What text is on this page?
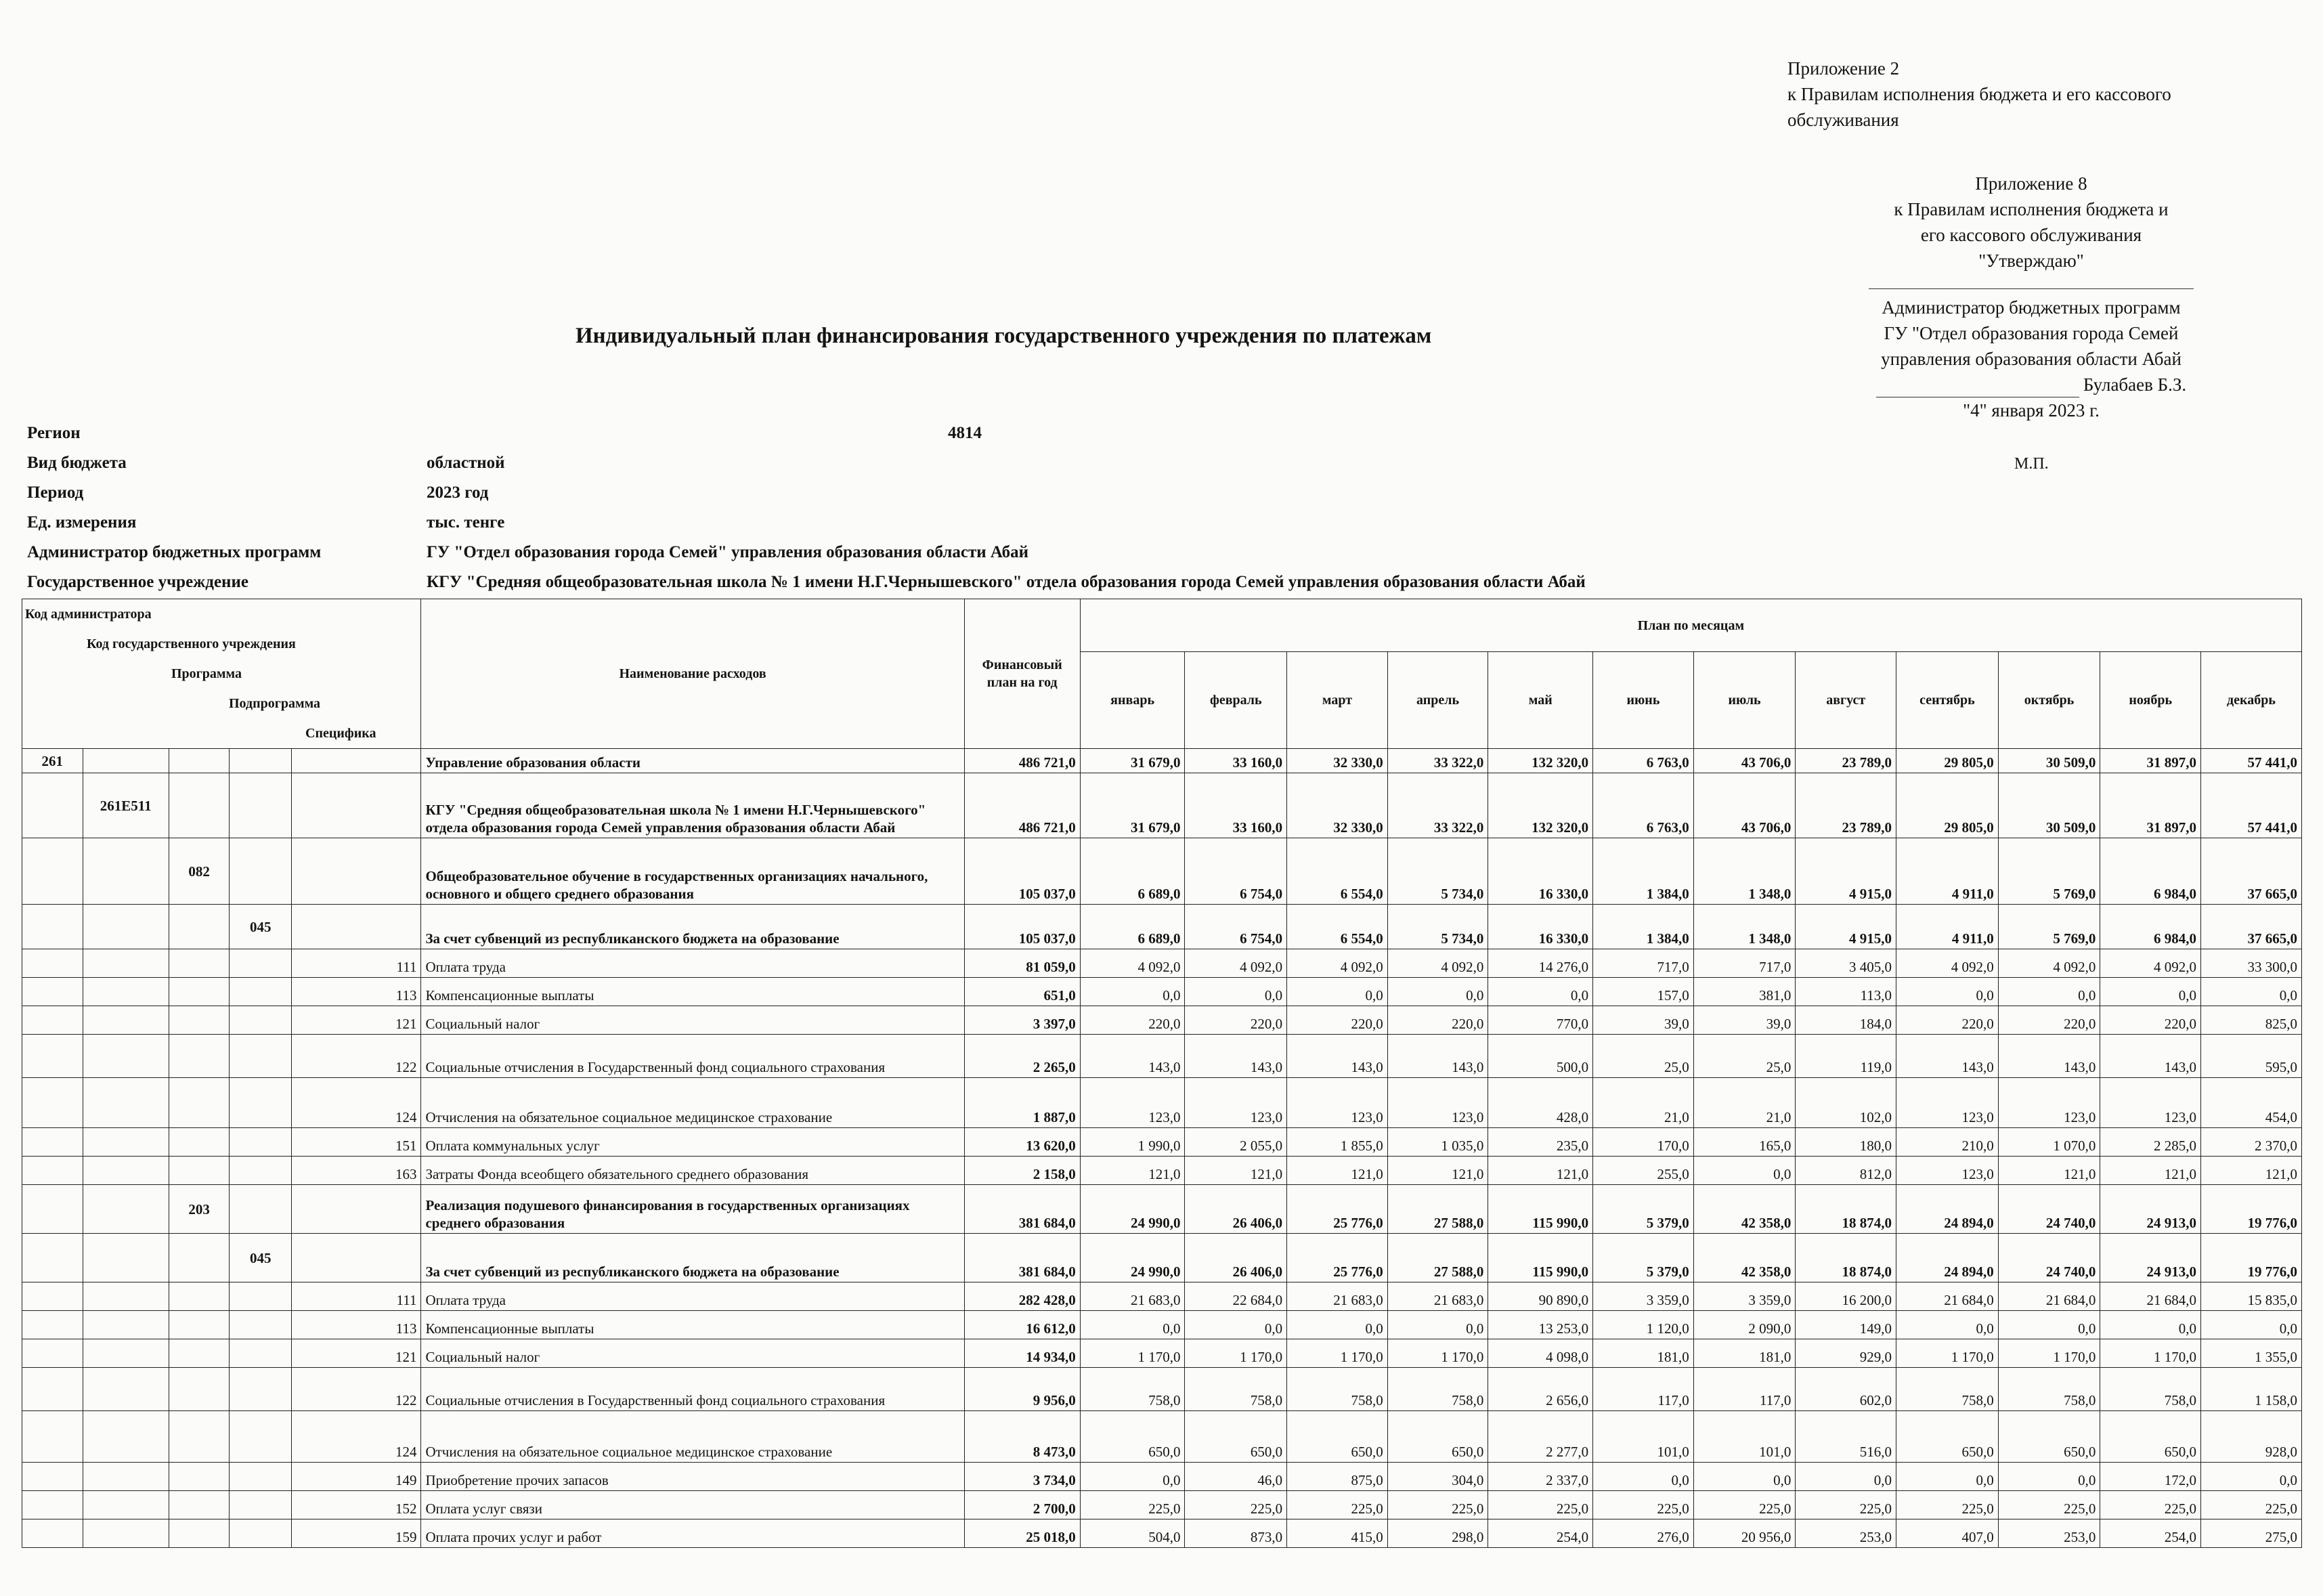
Приложение 2
к Правилам исполнения бюджета и его кассового
обслуживания
Приложение 8
к Правилам исполнения бюджета и
его кассового обслуживания
"Утверждаю"
Администратор бюджетных программ
ГУ "Отдел образования города Семей
управления образования области Абай
Булабаев Б.З.
"4" января 2023 г.
М.П.
Индивидуальный план финансирования государственного учреждения по платежам
Регион	4814
Вид бюджета	областной
Период	2023 год
Ед. измерения	тыс. тенге
Администратор бюджетных программ	ГУ "Отдел образования города Семей" управления образования области Абай
Государственное учреждение	КГУ "Средняя общеобразовательная школа № 1 имени Н.Г.Чернышевского" отдела образования города Семей управления образования области Абай
Код администратора
Код государственного учреждения
Программа
Подпрограмма
Специфика					Наименование расходов	Финансовый план на год	План по месяцам											
							январь	февраль	март	апрель	май	июнь	июль	август	сентябрь	октябрь	ноябрь	декабрь
261					Управление образования области	486 721,0	31 679,0	33 160,0	32 330,0	33 322,0	132 320,0	6 763,0	43 706,0	23 789,0	29 805,0	30 509,0	31 897,0	57 441,0
	261E511				КГУ "Средняя общеобразовательная школа № 1 имени Н.Г.Чернышевского" отдела образования города Семей управления образования области Абай	486 721,0	31 679,0	33 160,0	32 330,0	33 322,0	132 320,0	6 763,0	43 706,0	23 789,0	29 805,0	30 509,0	31 897,0	57 441,0
		082			Общеобразовательное обучение в государственных организациях начального, основного и общего среднего образования	105 037,0	6 689,0	6 754,0	6 554,0	5 734,0	16 330,0	1 384,0	1 348,0	4 915,0	4 911,0	5 769,0	6 984,0	37 665,0
			045		За счет субвенций из республиканского бюджета на образование	105 037,0	6 689,0	6 754,0	6 554,0	5 734,0	16 330,0	1 384,0	1 348,0	4 915,0	4 911,0	5 769,0	6 984,0	37 665,0
				111	Оплата труда	81 059,0	4 092,0	4 092,0	4 092,0	4 092,0	14 276,0	717,0	717,0	3 405,0	4 092,0	4 092,0	4 092,0	33 300,0
				113	Компенсационные выплаты	651,0	0,0	0,0	0,0	0,0	0,0	157,0	381,0	113,0	0,0	0,0	0,0	0,0
				121	Социальный налог	3 397,0	220,0	220,0	220,0	220,0	770,0	39,0	39,0	184,0	220,0	220,0	220,0	825,0
				122	Социальные отчисления в Государственный фонд социального страхования	2 265,0	143,0	143,0	143,0	143,0	500,0	25,0	25,0	119,0	143,0	143,0	143,0	595,0
				124	Отчисления на обязательное социальное медицинское страхование	1 887,0	123,0	123,0	123,0	123,0	428,0	21,0	21,0	102,0	123,0	123,0	123,0	454,0
				151	Оплата коммунальных услуг	13 620,0	1 990,0	2 055,0	1 855,0	1 035,0	235,0	170,0	165,0	180,0	210,0	1 070,0	2 285,0	2 370,0
				163	Затраты Фонда всеобщего обязательного среднего образования	2 158,0	121,0	121,0	121,0	121,0	121,0	255,0	0,0	812,0	123,0	121,0	121,0	121,0
		203			Реализация подушевого финансирования в государственных организациях среднего образования	381 684,0	24 990,0	26 406,0	25 776,0	27 588,0	115 990,0	5 379,0	42 358,0	18 874,0	24 894,0	24 740,0	24 913,0	19 776,0
			045		За счет субвенций из республиканского бюджета на образование	381 684,0	24 990,0	26 406,0	25 776,0	27 588,0	115 990,0	5 379,0	42 358,0	18 874,0	24 894,0	24 740,0	24 913,0	19 776,0
				111	Оплата труда	282 428,0	21 683,0	22 684,0	21 683,0	21 683,0	90 890,0	3 359,0	3 359,0	16 200,0	21 684,0	21 684,0	21 684,0	15 835,0
				113	Компенсационные выплаты	16 612,0	0,0	0,0	0,0	0,0	13 253,0	1 120,0	2 090,0	149,0	0,0	0,0	0,0	0,0
				121	Социальный налог	14 934,0	1 170,0	1 170,0	1 170,0	1 170,0	4 098,0	181,0	181,0	929,0	1 170,0	1 170,0	1 170,0	1 355,0
				122	Социальные отчисления в Государственный фонд социального страхования	9 956,0	758,0	758,0	758,0	758,0	2 656,0	117,0	117,0	602,0	758,0	758,0	758,0	1 158,0
				124	Отчисления на обязательное социальное медицинское страхование	8 473,0	650,0	650,0	650,0	650,0	2 277,0	101,0	101,0	516,0	650,0	650,0	650,0	928,0
				149	Приобретение прочих запасов	3 734,0	0,0	46,0	875,0	304,0	2 337,0	0,0	0,0	0,0	0,0	0,0	172,0	0,0
				152	Оплата услуг связи	2 700,0	225,0	225,0	225,0	225,0	225,0	225,0	225,0	225,0	225,0	225,0	225,0	225,0
				159	Оплата прочих услуг и работ	25 018,0	504,0	873,0	415,0	298,0	254,0	276,0	20 956,0	253,0	407,0	253,0	254,0	275,0
